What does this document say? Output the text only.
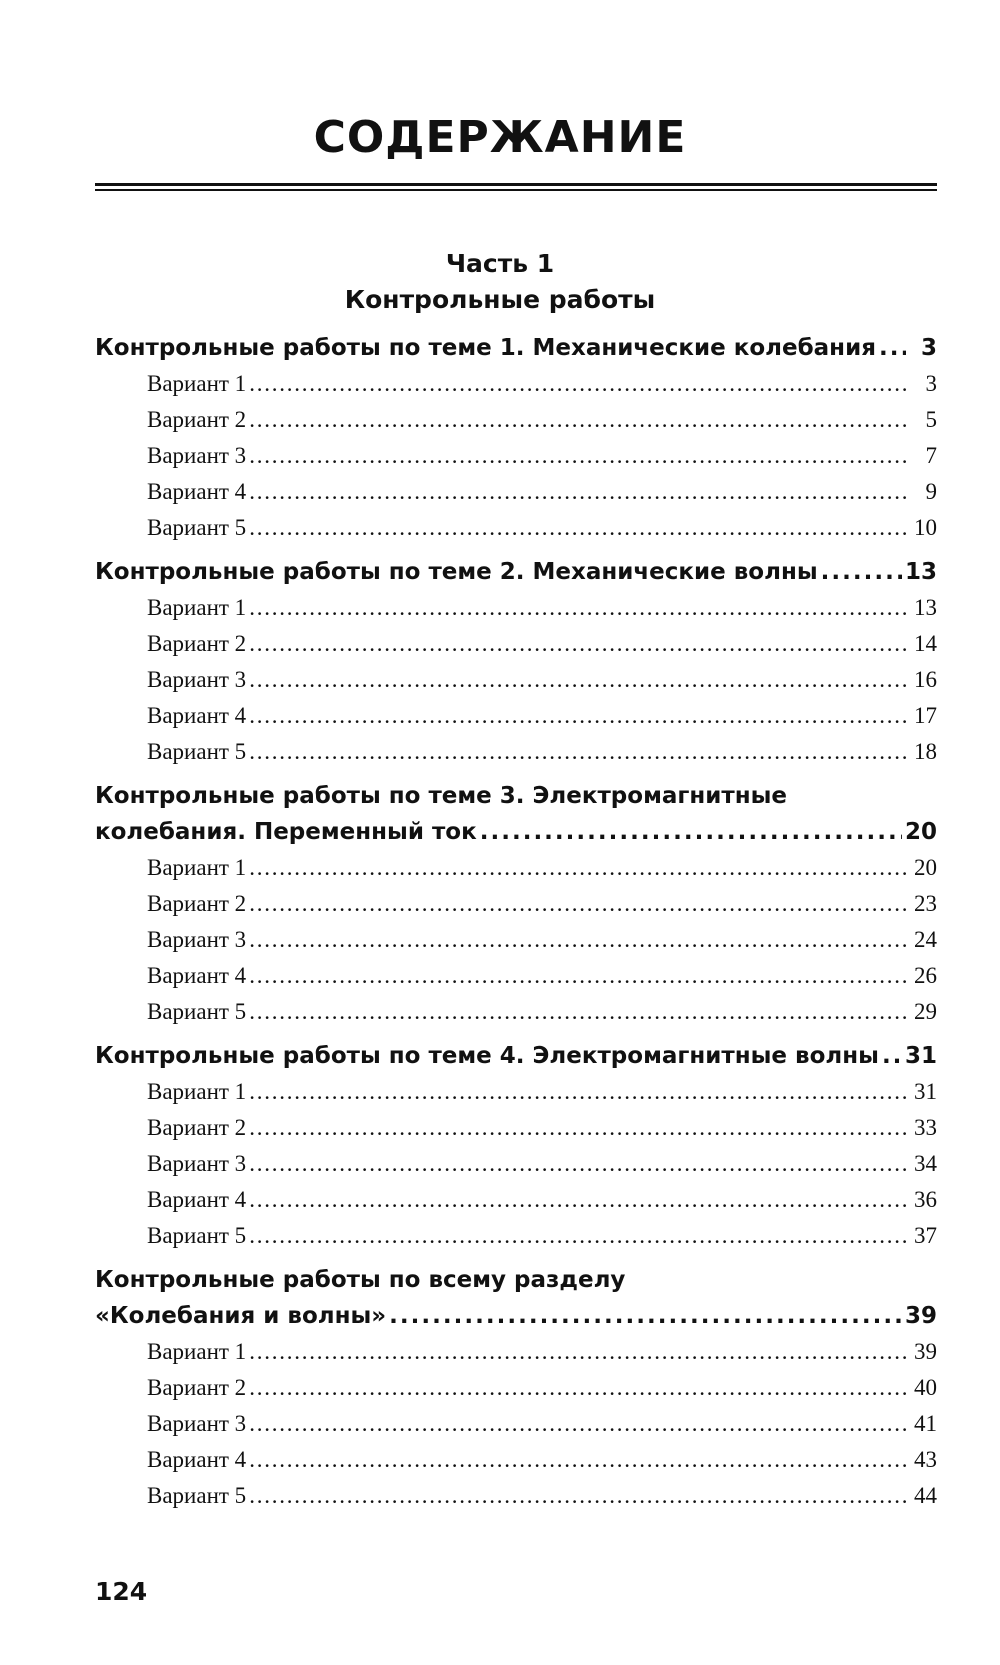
СОДЕРЖАНИЕ
Часть 1
Контрольные работы
Контрольные работы по теме 1. Механические колебания . . .	3
Вариант 1 . . .	3
Вариант 2 . . .	5
Вариант 3 . . .	7
Вариант 4 . . .	9
Вариант 5 . . .	10
Контрольные работы по теме 2. Механические волны . . .	13
Вариант 1 . . .	13
Вариант 2 . . .	14
Вариант 3 . . .	16
Вариант 4 . . .	17
Вариант 5 . . .	18
Контрольные работы по теме 3. Электромагнитные
колебания. Переменный ток . . .	20
Вариант 1 . . .	20
Вариант 2 . . .	23
Вариант 3 . . .	24
Вариант 4 . . .	26
Вариант 5 . . .	29
Контрольные работы по теме 4. Электромагнитные волны . . . 31
Вариант 1 . . .	31
Вариант 2 . . .	33
Вариант 3 . . .	34
Вариант 4 . . .	36
Вариант 5 . . .	37
Контрольные работы по всему разделу
«Колебания и волны» . . .	39
Вариант 1 . . .	39
Вариант 2 . . .	40
Вариант 3 . . .	41
Вариант 4 . . .	43
Вариант 5 . . .	44
124
